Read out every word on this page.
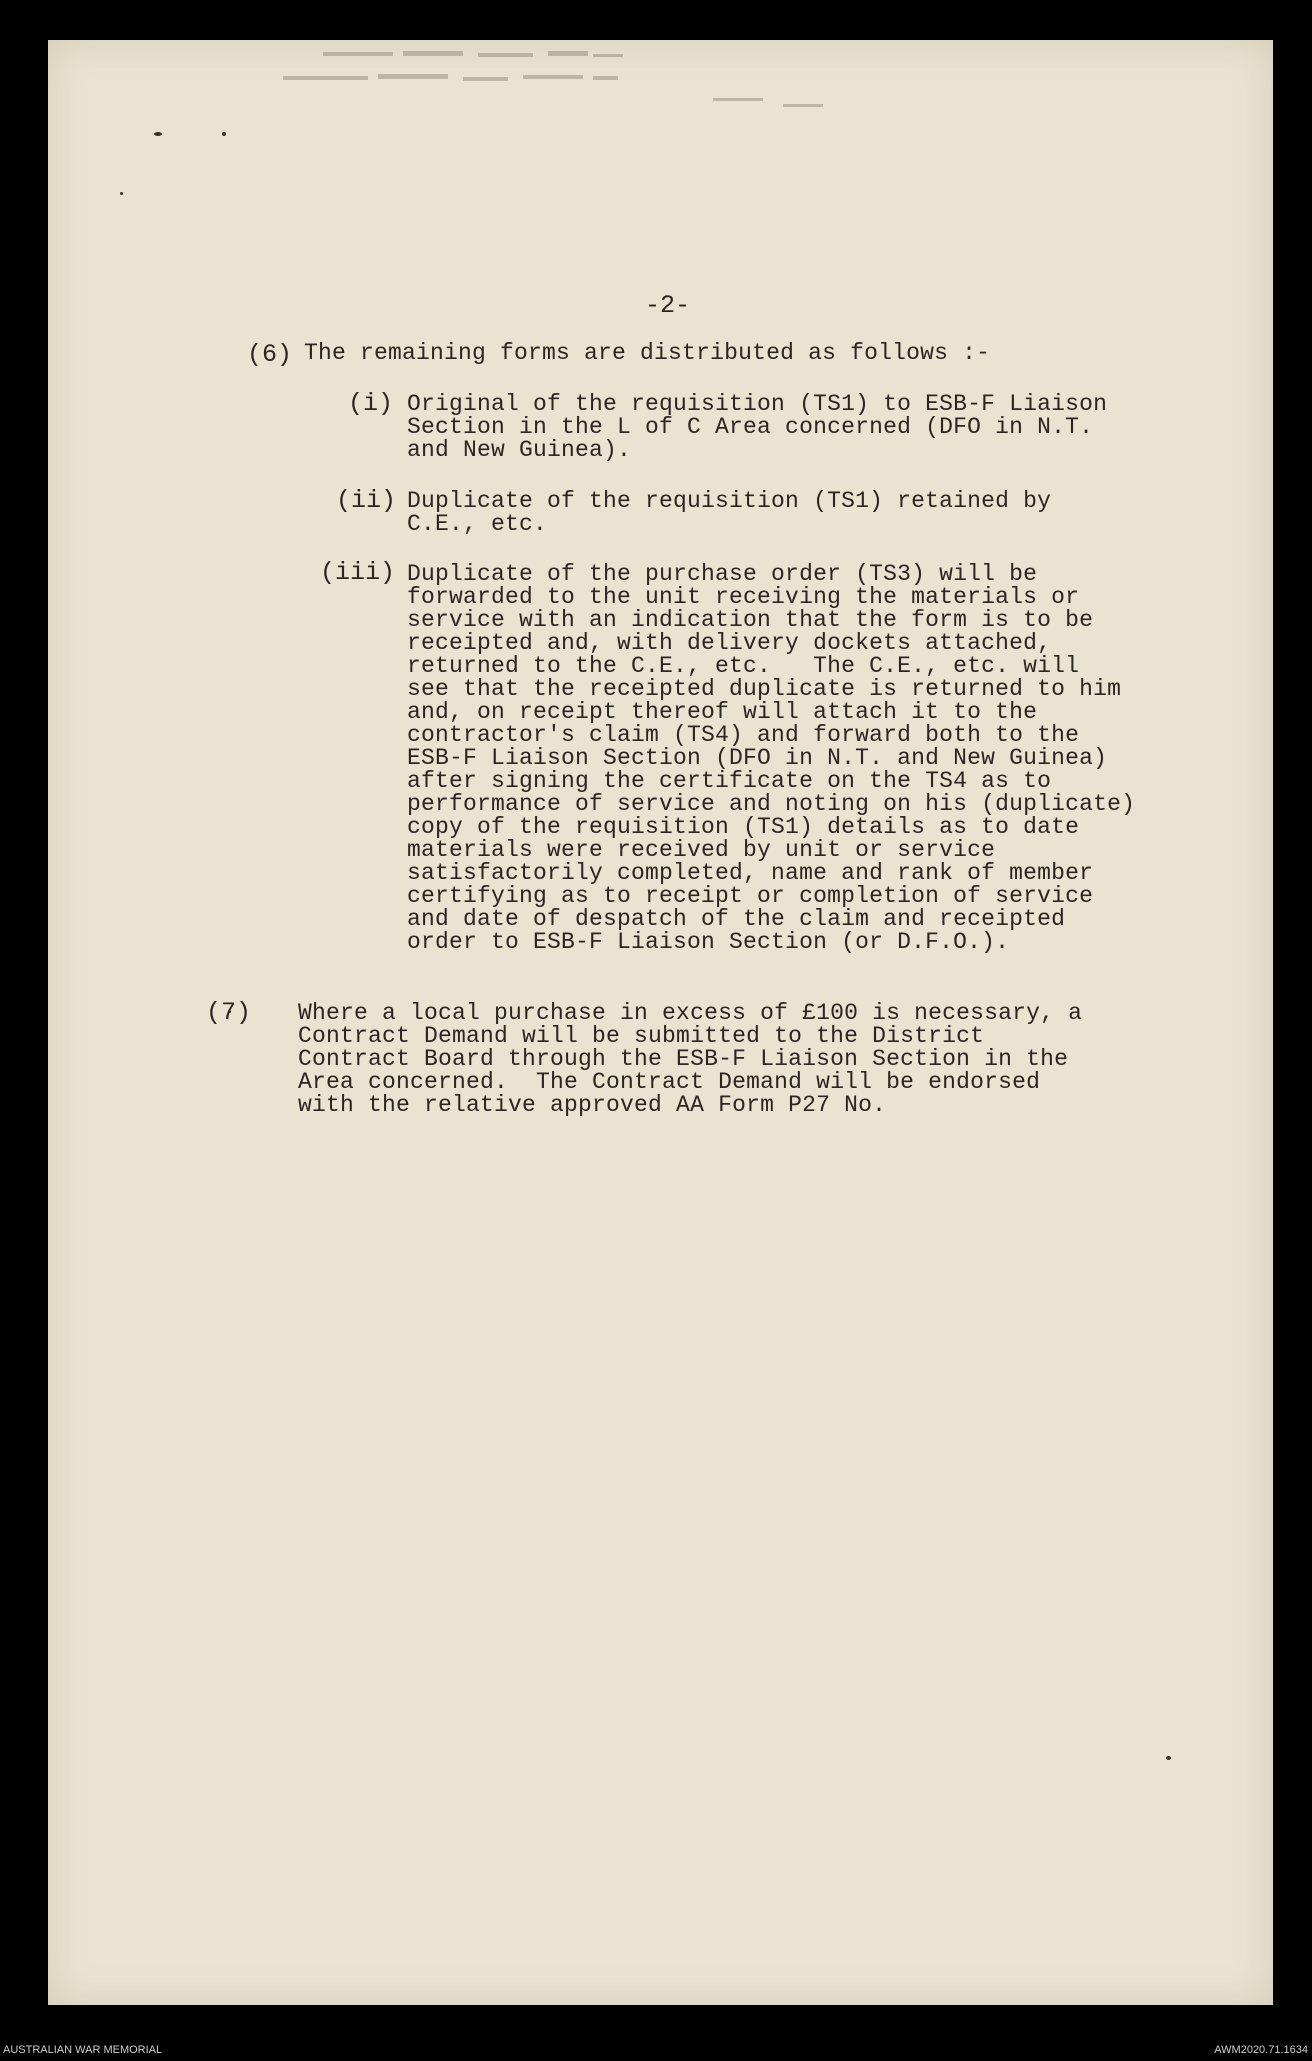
-2-
(6) The remaining forms are distributed as follows :-
(i) Original of the requisition (TS1) to ESB-F Liaison
Section in the L of C Area concerned (DFO in N.T.
and New Guinea).
(ii) Duplicate of the requisition (TS1) retained by
C.E., etc.
(iii) Duplicate of the purchase order (TS3) will be
forwarded to the unit receiving the materials or
service with an indication that the form is to be
receipted and, with delivery dockets attached,
returned to the C.E., etc.   The C.E., etc. will
see that the receipted duplicate is returned to him
and, on receipt thereof will attach it to the
contractor's claim (TS4) and forward both to the
ESB-F Liaison Section (DFO in N.T. and New Guinea)
after signing the certificate on the TS4 as to
performance of service and noting on his (duplicate)
copy of the requisition (TS1) details as to date
materials were received by unit or service
satisfactorily completed, name and rank of member
certifying as to receipt or completion of service
and date of despatch of the claim and receipted
order to ESB-F Liaison Section (or D.F.O.).
(7) Where a local purchase in excess of £100 is necessary, a
Contract Demand will be submitted to the District
Contract Board through the ESB-F Liaison Section in the
Area concerned.  The Contract Demand will be endorsed
with the relative approved AA Form P27 No.
AUSTRALIAN WAR MEMORIAL	AWM2020.71.1634
